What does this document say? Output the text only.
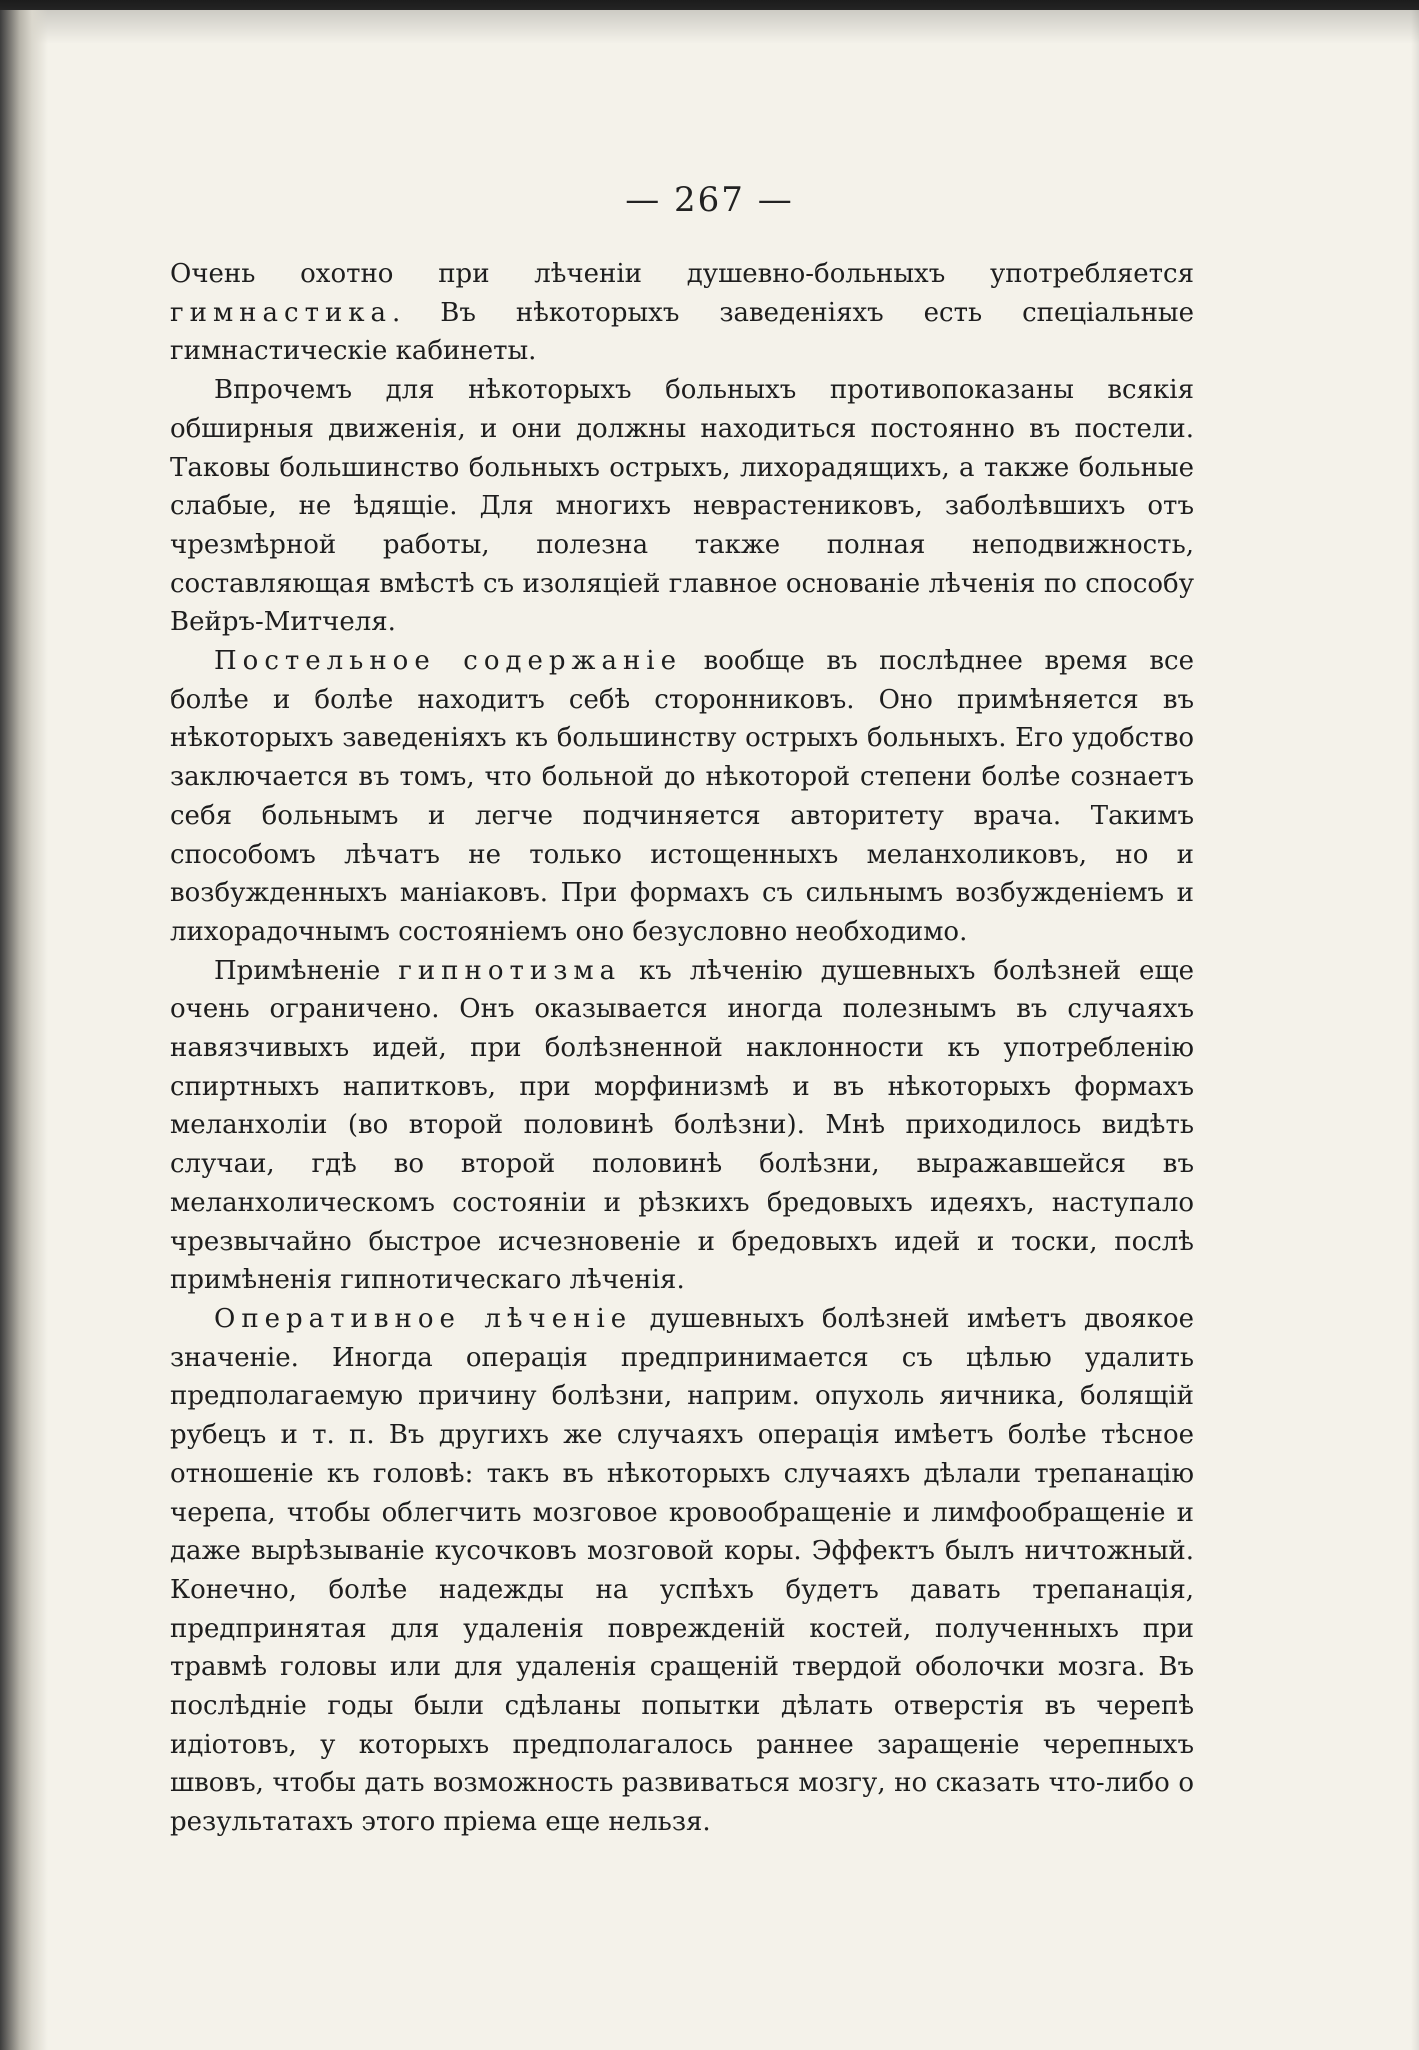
— 267 —

Очень охотно при лѣченіи душевно-больныхъ употребляется гимнастика. Въ нѣкоторыхъ заведеніяхъ есть спеціальные гимнастическіе кабинеты.

Впрочемъ для нѣкоторыхъ больныхъ противопоказаны всякія обширныя движенія, и они должны находиться постоянно въ постели. Таковы большинство больныхъ острыхъ, лихорадящихъ, а также больные слабые, не ѣдящіе. Для многихъ неврастениковъ, заболѣвшихъ отъ чрезмѣрной работы, полезна также полная неподвижность, составляющая вмѣстѣ съ изоляціей главное основаніе лѣченія по способу Вейръ-Митчеля.

Постельное содержаніе вообще въ послѣднее время все болѣе и болѣе находитъ себѣ сторонниковъ. Оно примѣняется въ нѣкоторыхъ заведеніяхъ къ большинству острыхъ больныхъ. Его удобство заключается въ томъ, что больной до нѣкоторой степени болѣе сознаетъ себя больнымъ и легче подчиняется авторитету врача. Такимъ способомъ лѣчатъ не только истощенныхъ меланхоликовъ, но и возбужденныхъ маніаковъ. При формахъ съ сильнымъ возбужденіемъ и лихорадочнымъ состояніемъ оно безусловно необходимо.

Примѣненіе гипнотизма къ лѣченію душевныхъ болѣзней еще очень ограничено. Онъ оказывается иногда полезнымъ въ случаяхъ навязчивыхъ идей, при болѣзненной наклонности къ употребленію спиртныхъ напитковъ, при морфинизмѣ и въ нѣкоторыхъ формахъ меланхоліи (во второй половинѣ болѣзни). Мнѣ приходилось видѣть случаи, гдѣ во второй половинѣ болѣзни, выражавшейся въ меланхолическомъ состояніи и рѣзкихъ бредовыхъ идеяхъ, наступало чрезвычайно быстрое исчезновеніе и бредовыхъ идей и тоски, послѣ примѣненія гипнотическаго лѣченія.

Оперативное лѣченіе душевныхъ болѣзней имѣетъ двоякое значеніе. Иногда операція предпринимается съ цѣлью удалить предполагаемую причину болѣзни, наприм. опухоль яичника, болящій рубецъ и т. п. Въ другихъ же случаяхъ операція имѣетъ болѣе тѣсное отношеніе къ головѣ: такъ въ нѣкоторыхъ случаяхъ дѣлали трепанацію черепа, чтобы облегчить мозговое кровообращеніе и лимфообращеніе и даже вырѣзываніе кусочковъ мозговой коры. Эффектъ былъ ничтожный. Конечно, болѣе надежды на успѣхъ будетъ давать трепанація, предпринятая для удаленія поврежденій костей, полученныхъ при травмѣ головы или для удаленія сращеній твердой оболочки мозга. Въ послѣдніе годы были сдѣланы попытки дѣлать отверстія въ черепѣ идіотовъ, у которыхъ предполагалось раннее заращеніе черепныхъ швовъ, чтобы дать возможность развиваться мозгу, но сказать что-либо о результатахъ этого пріема еще нельзя.
